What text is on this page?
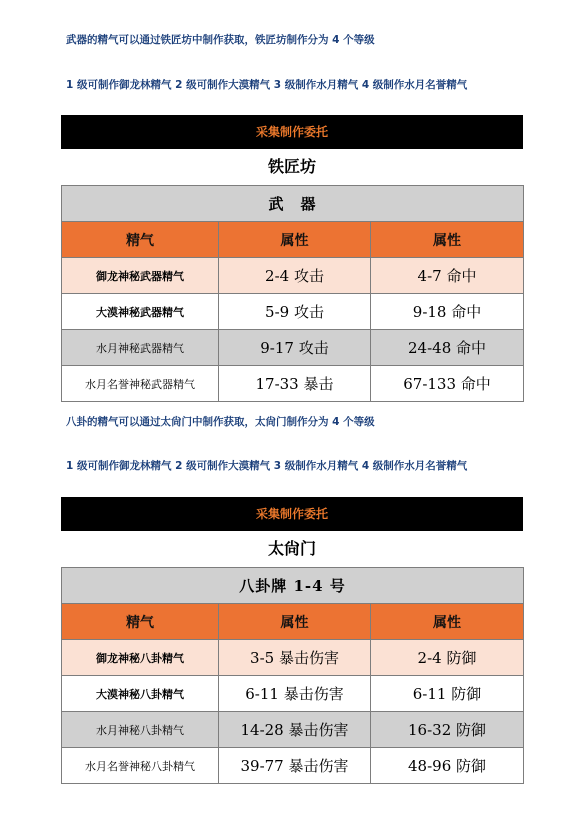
武器的精气可以通过铁匠坊中制作获取，铁匠坊制作分为 4 个等级

1 级可制作御龙林精气 2 级可制作大漠精气 3 级制作水月精气 4 级制作水月名誉精气

采集制作委托
铁匠坊
武　器		
精气	属性	属性
御龙神秘武器精气	2-4 攻击	4-7 命中
大漠神秘武器精气	5-9 攻击	9-18 命中
水月神秘武器精气	9-17 攻击	24-48 命中
水月名誉神秘武器精气	17-33 暴击	67-133 命中

八卦的精气可以通过太尙门中制作获取，太尙门制作分为 4 个等级

1 级可制作御龙林精气 2 级可制作大漠精气 3 级制作水月精气 4 级制作水月名誉精气

采集制作委托
太尙门
八卦牌 1-4 号		
精气	属性	属性
御龙神秘八卦精气	3-5 暴击伤害	2-4 防御
大漠神秘八卦精气	6-11 暴击伤害	6-11 防御
水月神秘八卦精气	14-28 暴击伤害	16-32 防御
水月名誉神秘八卦精气	39-77 暴击伤害	48-96 防御
